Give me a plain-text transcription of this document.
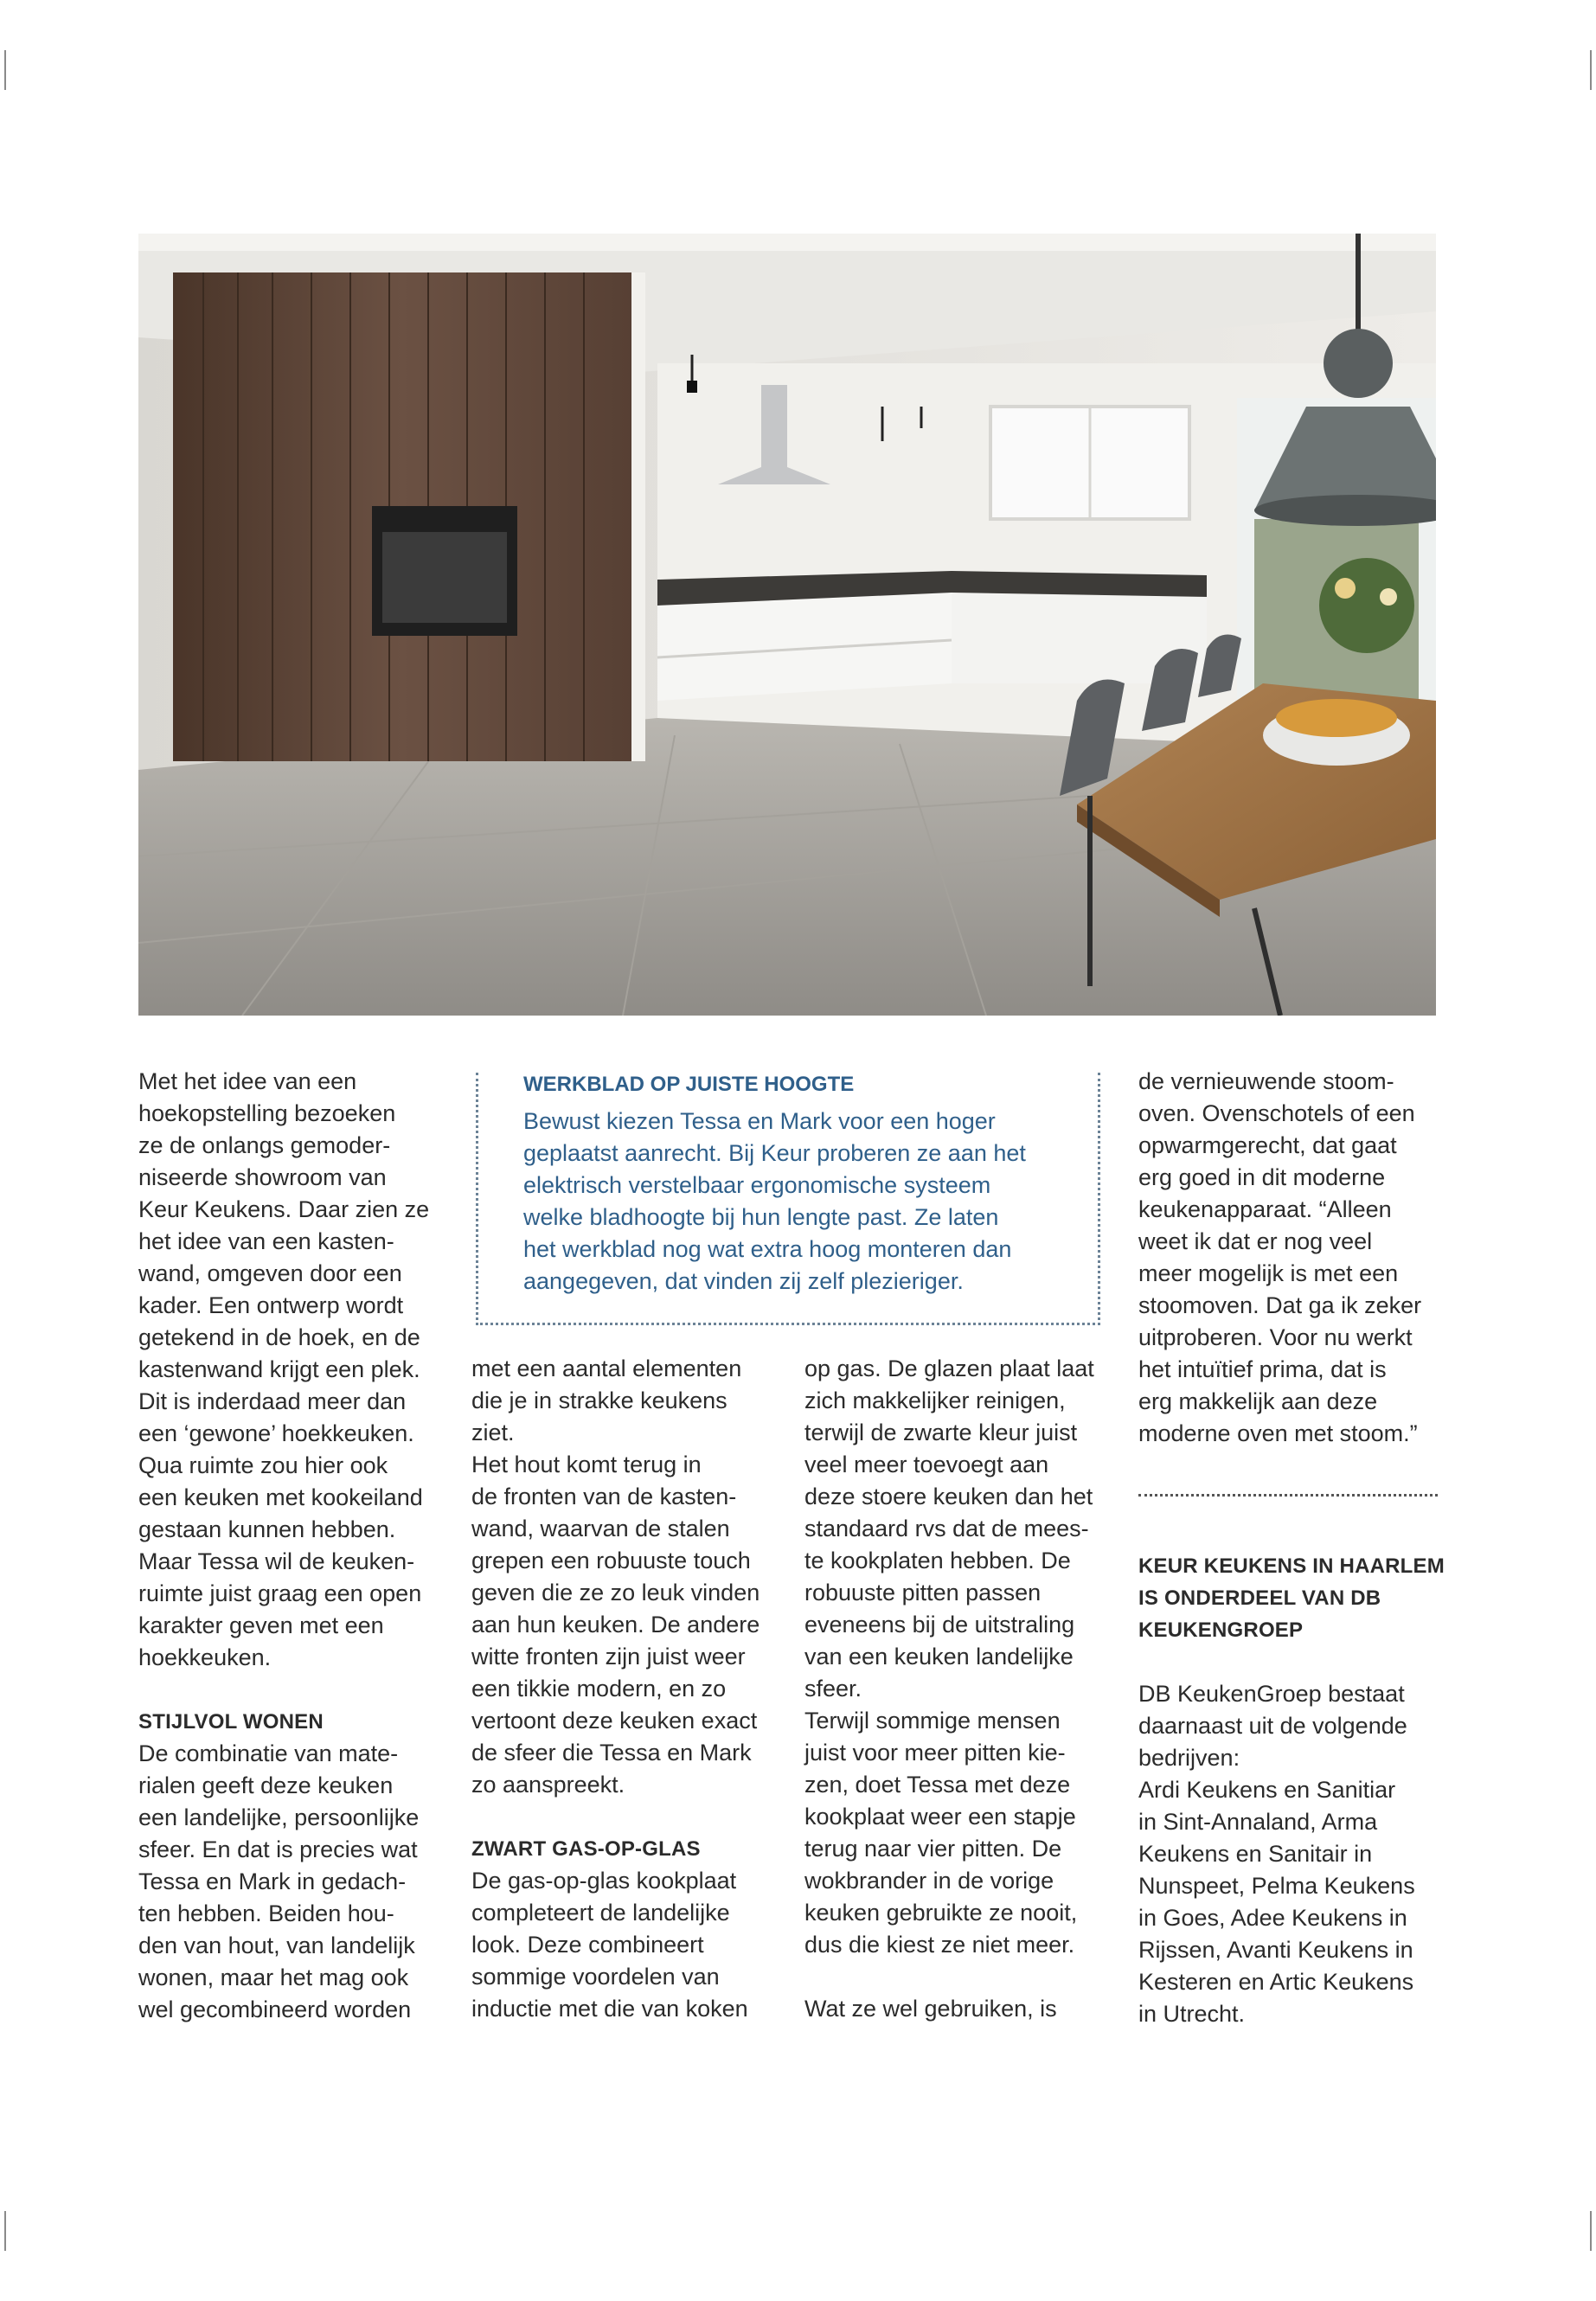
Met het idee van een

hoekopstelling bezoeken

ze de onlangs gemoder-

niseerde showroom van

Keur Keukens. Daar zien ze

het idee van een kasten-

wand, omgeven door een

kader. Een ontwerp wordt

getekend in de hoek, en de

kastenwand krijgt een plek.

Dit is inderdaad meer dan

een ‘gewone’ hoekkeuken.

Qua ruimte zou hier ook

een keuken met kookeiland

gestaan kunnen hebben.

Maar Tessa wil de keuken-

ruimte juist graag een open

karakter geven met een

hoekkeuken.

STIJLVOL WONEN

De combinatie van mate-

rialen geeft deze keuken

een landelijke, persoonlijke

sfeer. En dat is precies wat

Tessa en Mark in gedach-

ten hebben. Beiden hou-

den van hout, van landelijk

wonen, maar het mag ook

wel gecombineerd worden

WERKBLAD OP JUISTE HOOGTE

Bewust kiezen Tessa en Mark voor een hoger

geplaatst aanrecht. Bij Keur proberen ze aan het

elektrisch verstelbaar ergonomische systeem

welke bladhoogte bij hun lengte past. Ze laten

het werkblad nog wat extra hoog monteren dan

aangegeven, dat vinden zij zelf plezieriger.

met een aantal elementen

die je in strakke keukens

ziet.

Het hout komt terug in

de fronten van de kasten-

wand, waarvan de stalen

grepen een robuuste touch

geven die ze zo leuk vinden

aan hun keuken. De andere

witte fronten zijn juist weer

een tikkie modern, en zo

vertoont deze keuken exact

de sfeer die Tessa en Mark

zo aanspreekt.

ZWART GAS-OP-GLAS

De gas-op-glas kookplaat

completeert de landelijke

look. Deze combineert

sommige voordelen van

inductie met die van koken

op gas. De glazen plaat laat

zich makkelijker reinigen,

terwijl de zwarte kleur juist

veel meer toevoegt aan

deze stoere keuken dan het

standaard rvs dat de mees-

te kookplaten hebben. De

robuuste pitten passen

eveneens bij de uitstraling

van een keuken landelijke

sfeer.

Terwijl sommige mensen

juist voor meer pitten kie-

zen, doet Tessa met deze

kookplaat weer een stapje

terug naar vier pitten. De

wokbrander in de vorige

keuken gebruikte ze nooit,

dus die kiest ze niet meer.

Wat ze wel gebruiken, is

de vernieuwende stoom-

oven. Ovenschotels of een

opwarmgerecht, dat gaat

erg goed in dit moderne

keukenapparaat. “Alleen

weet ik dat er nog veel

meer mogelijk is met een

stoomoven. Dat ga ik zeker

uitproberen. Voor nu werkt

het intuïtief prima, dat is

erg makkelijk aan deze

moderne oven met stoom.”

KEUR KEUKENS IN HAARLEM

IS ONDERDEEL VAN DB

KEUKENGROEP

DB KeukenGroep bestaat

daarnaast uit de volgende

bedrijven:

Ardi Keukens en Sanitiar

in Sint-Annaland, Arma

Keukens en Sanitair in

Nunspeet, Pelma Keukens

in Goes, Adee Keukens in

Rijssen, Avanti Keukens in

Kesteren en Artic Keukens

in Utrecht.
